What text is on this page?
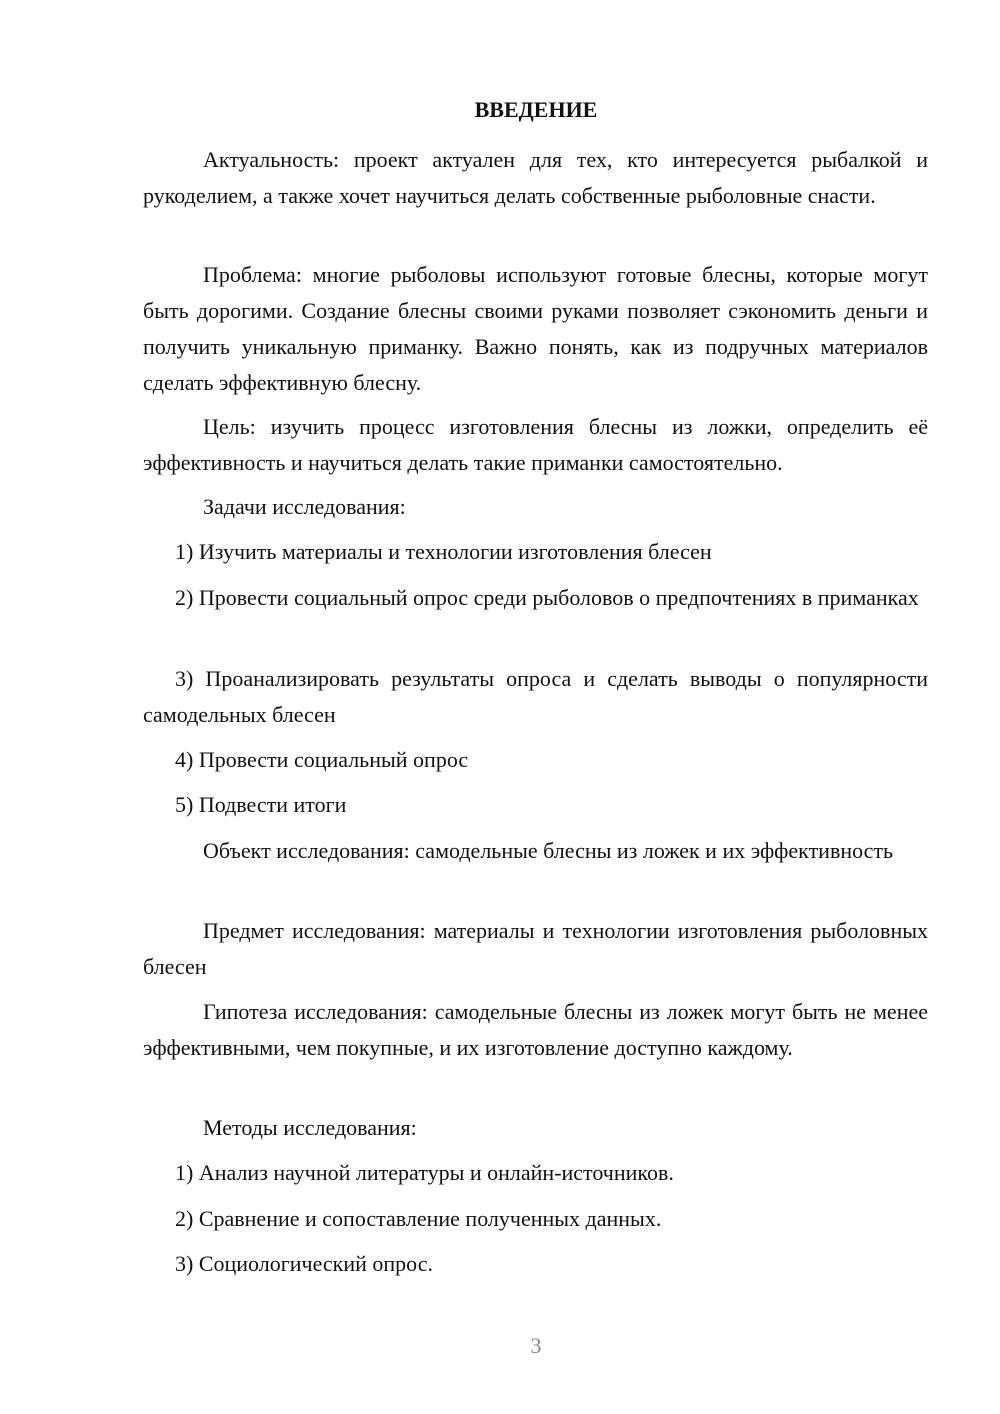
ВВЕДЕНИЕ

Актуальность: проект актуален для тех, кто интересуется рыбалкой и рукоделием, а также хочет научиться делать собственные рыболовные снасти.

Проблема: многие рыболовы используют готовые блесны, которые могут быть дорогими. Создание блесны своими руками позволяет сэкономить деньги и получить уникальную приманку. Важно понять, как из подручных материалов сделать эффективную блесну.

Цель: изучить процесс изготовления блесны из ложки, определить её эффективность и научиться делать такие приманки самостоятельно.

Задачи исследования:

1) Изучить материалы и технологии изготовления блесен

2) Провести социальный опрос среди рыболовов о предпочтениях в приманках

3) Проанализировать результаты опроса и сделать выводы о популярности самодельных блесен

4) Провести социальный опрос

5) Подвести итоги

Объект исследования: самодельные блесны из ложек и их эффективность

Предмет исследования: материалы и технологии изготовления рыболовных блесен

Гипотеза исследования: самодельные блесны из ложек могут быть не менее эффективными, чем покупные, и их изготовление доступно каждому.

Методы исследования:

1) Анализ научной литературы и онлайн-источников.

2) Сравнение и сопоставление полученных данных.

3) Социологический опрос.

3
